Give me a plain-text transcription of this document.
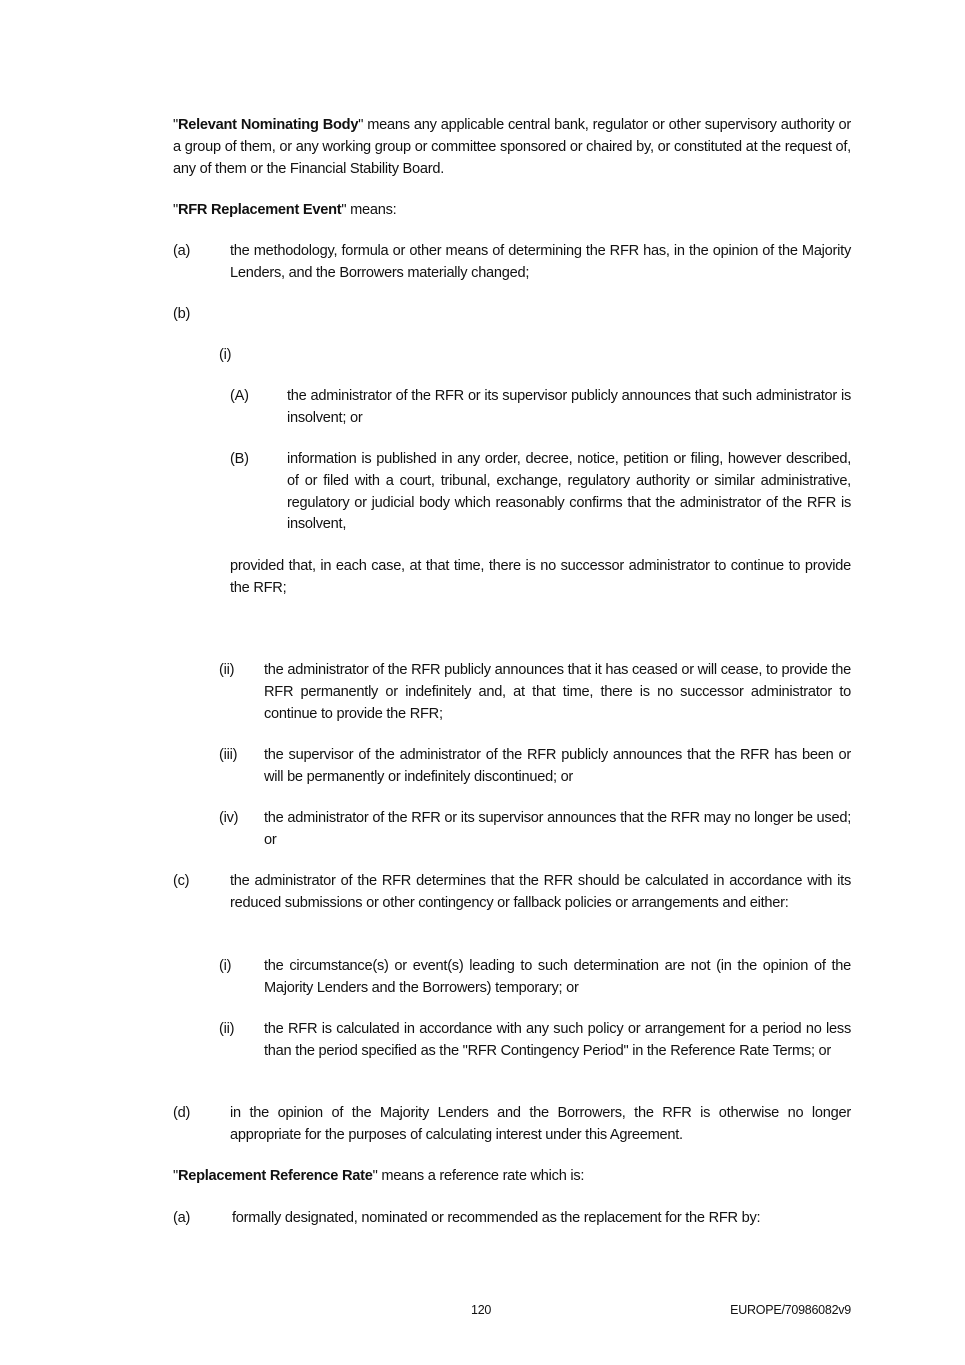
"Relevant Nominating Body" means any applicable central bank, regulator or other supervisory authority or a group of them, or any working group or committee sponsored or chaired by, or constituted at the request of, any of them or the Financial Stability Board.
"RFR Replacement Event" means:
(a)	the methodology, formula or other means of determining the RFR has, in the opinion of the Majority Lenders, and the Borrowers materially changed;
(b)
(i)
(A)	the administrator of the RFR or its supervisor publicly announces that such administrator is insolvent; or
(B)	information is published in any order, decree, notice, petition or filing, however described, of or filed with a court, tribunal, exchange, regulatory authority or similar administrative, regulatory or judicial body which reasonably confirms that the administrator of the RFR is insolvent,
provided that, in each case, at that time, there is no successor administrator to continue to provide the RFR;
(ii) the administrator of the RFR publicly announces that it has ceased or will cease, to provide the RFR permanently or indefinitely and, at that time, there is no successor administrator to continue to provide the RFR;
(iii) the supervisor of the administrator of the RFR publicly announces that the RFR has been or will be permanently or indefinitely discontinued; or
(iv) the administrator of the RFR or its supervisor announces that the RFR may no longer be used; or
(c)	the administrator of the RFR determines that the RFR should be calculated in accordance with its reduced submissions or other contingency or fallback policies or arrangements and either:
(i) the circumstance(s) or event(s) leading to such determination are not (in the opinion of the Majority Lenders and the Borrowers) temporary; or
(ii) the RFR is calculated in accordance with any such policy or arrangement for a period no less than the period specified as the "RFR Contingency Period" in the Reference Rate Terms; or
(d)	in the opinion of the Majority Lenders and the Borrowers, the RFR is otherwise no longer appropriate for the purposes of calculating interest under this Agreement.
"Replacement Reference Rate" means a reference rate which is:
(a)	formally designated, nominated or recommended as the replacement for the RFR by:
120	EUROPE/70986082v9
